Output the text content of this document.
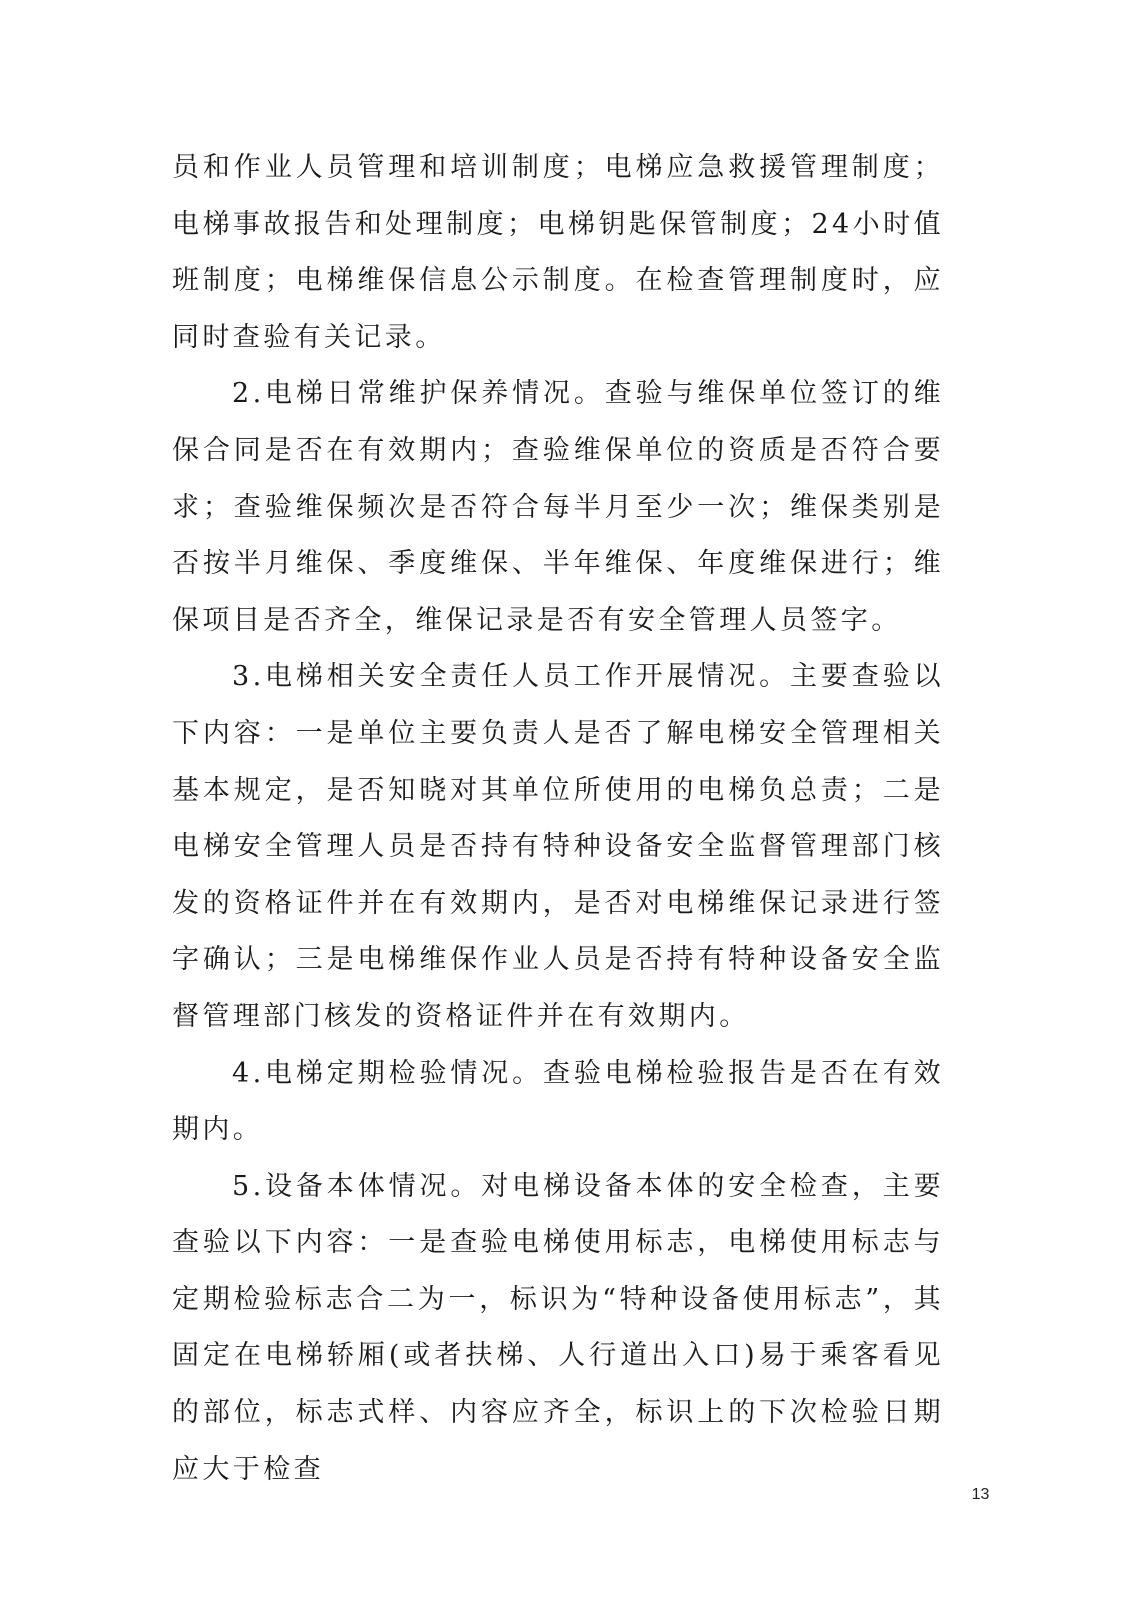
员和作业人员管理和培训制度；电梯应急救援管理制度；电梯事故报告和处理制度；电梯钥匙保管制度；24小时值班制度；电梯维保信息公示制度。在检查管理制度时，应同时查验有关记录。

2.电梯日常维护保养情况。查验与维保单位签订的维保合同是否在有效期内；查验维保单位的资质是否符合要求；查验维保频次是否符合每半月至少一次；维保类别是否按半月维保、季度维保、半年维保、年度维保进行；维保项目是否齐全，维保记录是否有安全管理人员签字。

3.电梯相关安全责任人员工作开展情况。主要查验以下内容：一是单位主要负责人是否了解电梯安全管理相关基本规定，是否知晓对其单位所使用的电梯负总责；二是电梯安全管理人员是否持有特种设备安全监督管理部门核发的资格证件并在有效期内，是否对电梯维保记录进行签字确认；三是电梯维保作业人员是否持有特种设备安全监督管理部门核发的资格证件并在有效期内。

4.电梯定期检验情况。查验电梯检验报告是否在有效期内。

5.设备本体情况。对电梯设备本体的安全检查，主要查验以下内容：一是查验电梯使用标志，电梯使用标志与定期检验标志合二为一，标识为“特种设备使用标志”，其固定在电梯轿厢(或者扶梯、人行道出入口)易于乘客看见的部位，标志式样、内容应齐全，标识上的下次检验日期应大于检查

13
